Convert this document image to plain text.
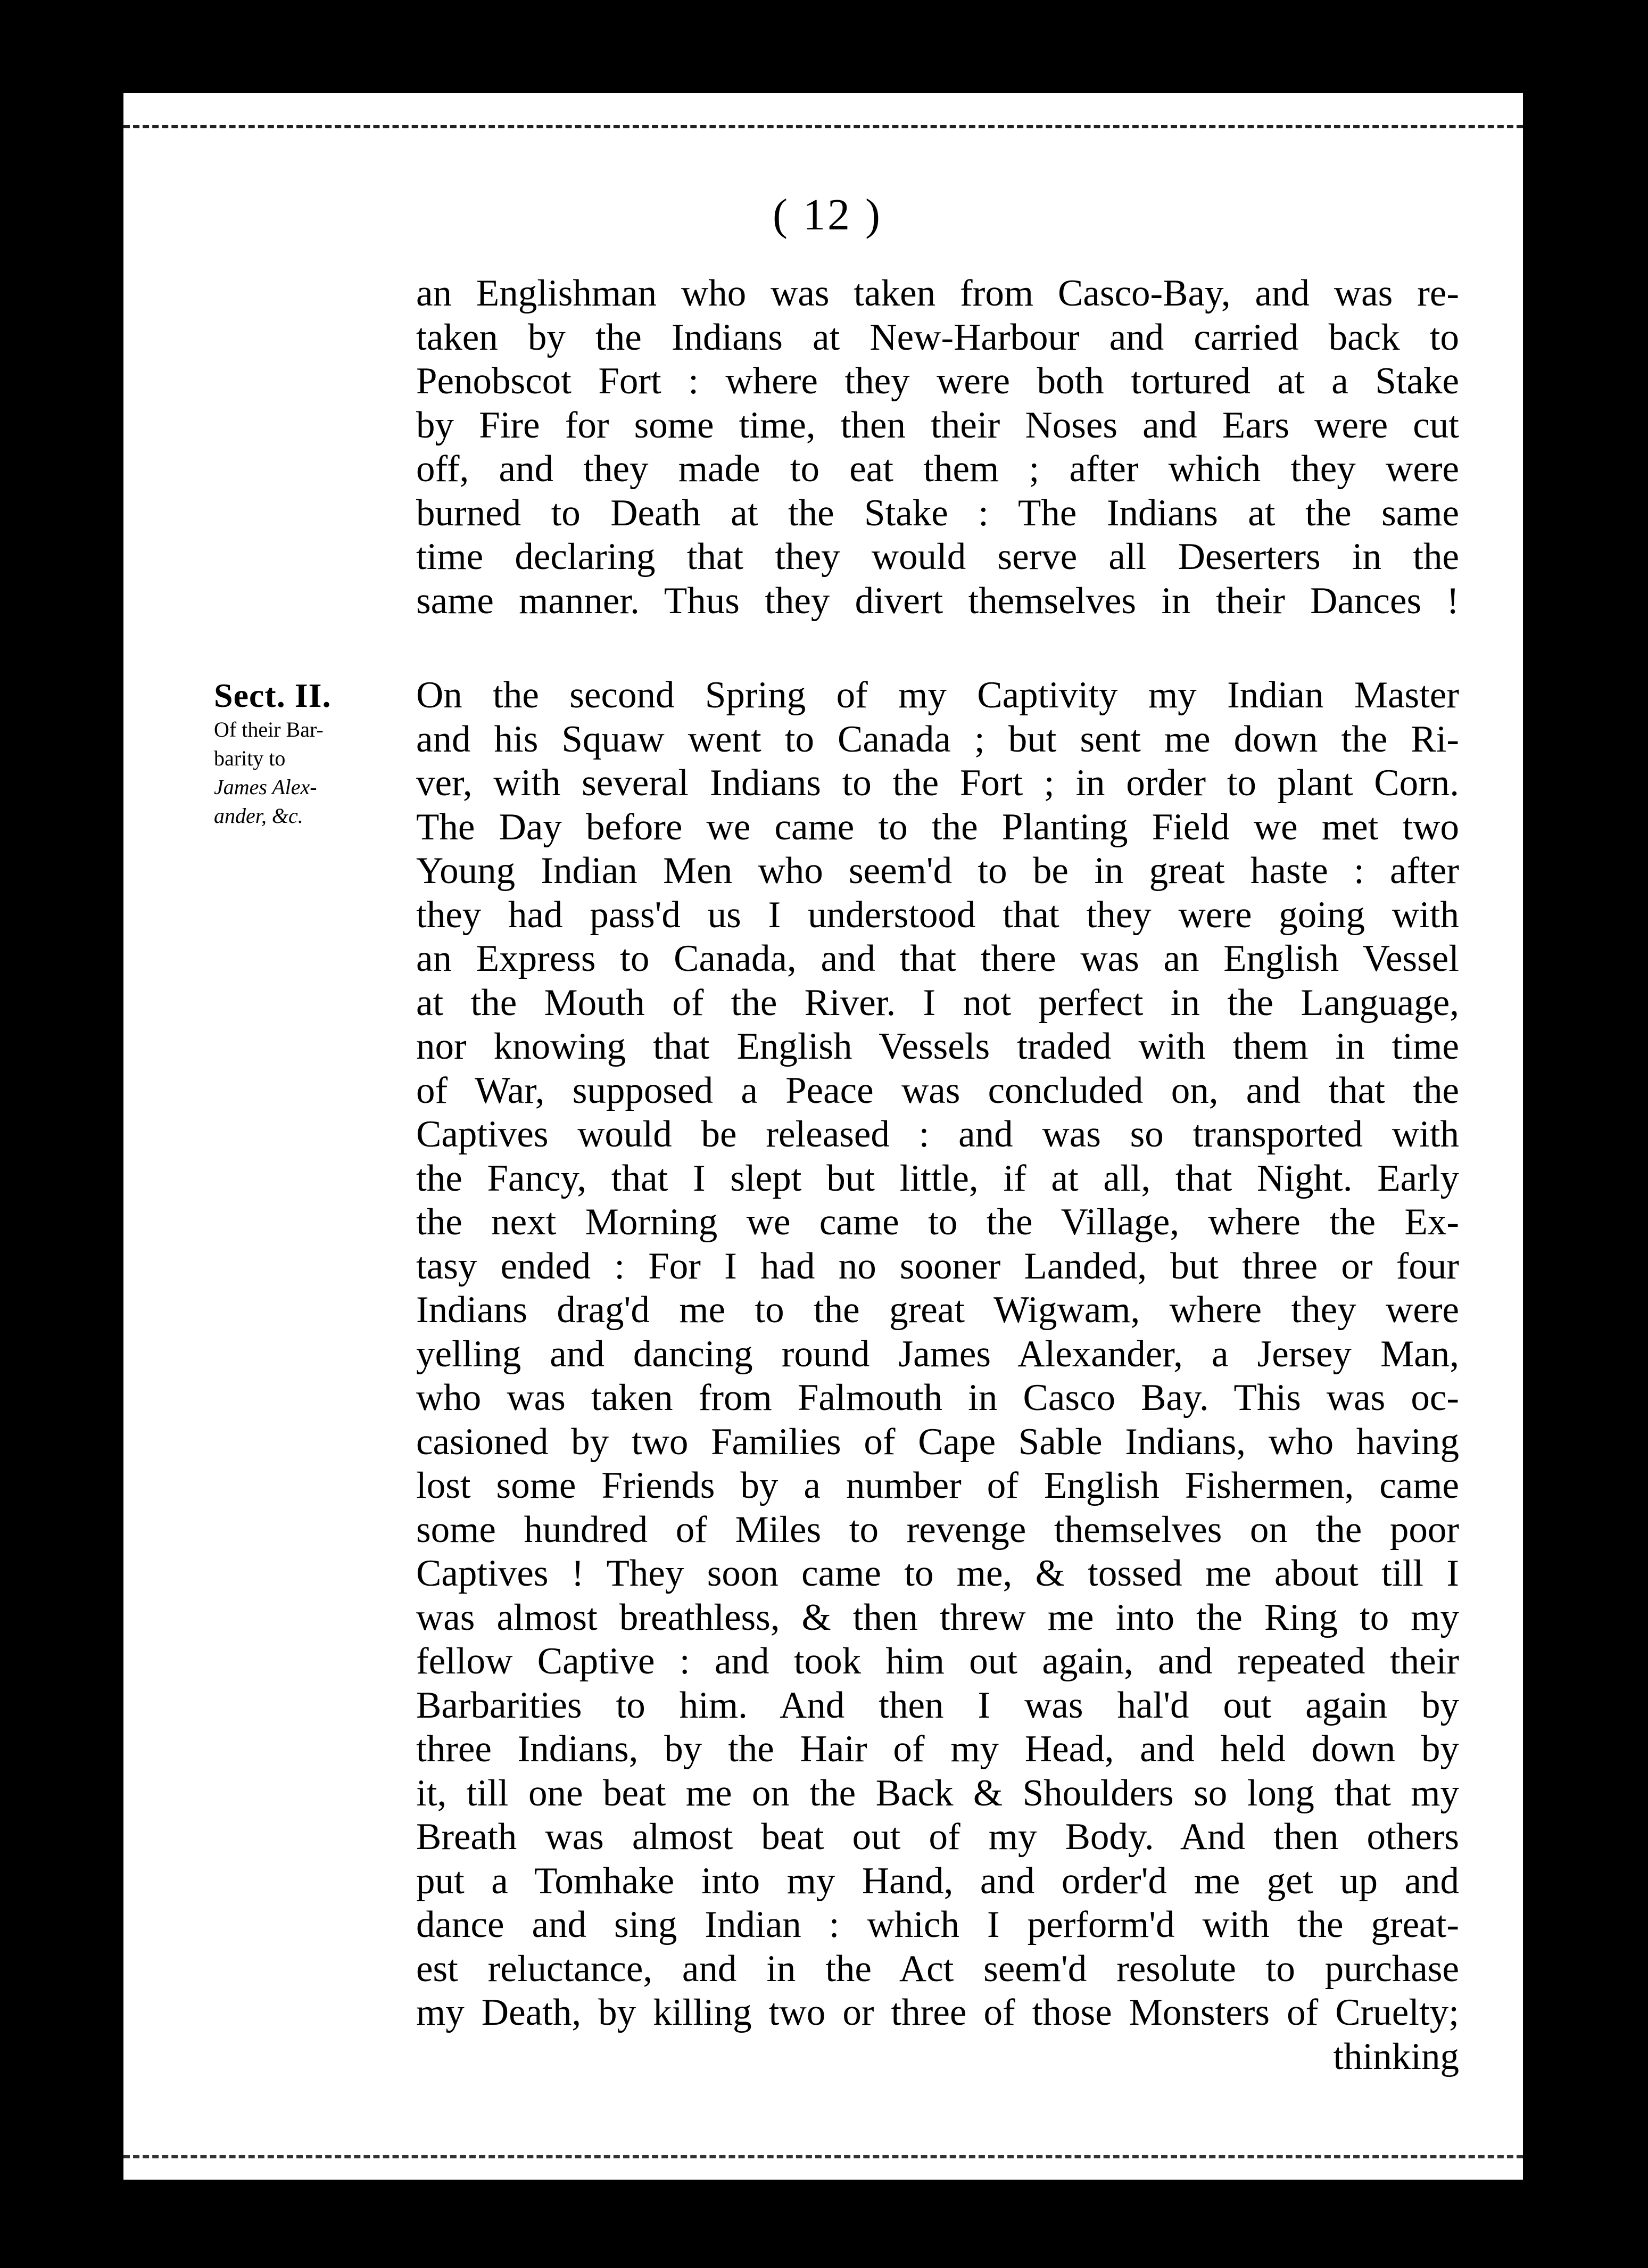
( 12 )
an Englishman who was taken from Casco-Bay, and was re-
taken by the Indians at New-Harbour and carried back to
Penobscot Fort : where they were both tortured at a Stake
by Fire for some time, then their Noses and Ears were cut
off, and they made to eat them ; after which they were
burned to Death at the Stake : The Indians at the same
time declaring that they would serve all Deserters in the
same manner. Thus they divert themselves in their Dances !
Sect. II.
Of their Bar-
barity to
James Alex-
ander, &c.
On the second Spring of my Captivity my Indian Master
and his Squaw went to Canada ; but sent me down the Ri-
ver, with several Indians to the Fort ; in order to plant Corn.
The Day before we came to the Planting Field we met two
Young Indian Men who seem'd to be in great haste : after
they had pass'd us I understood that they were going with
an Express to Canada, and that there was an English Vessel
at the Mouth of the River. I not perfect in the Language,
nor knowing that English Vessels traded with them in time
of War, supposed a Peace was concluded on, and that the
Captives would be released : and was so transported with
the Fancy, that I slept but little, if at all, that Night. Early
the next Morning we came to the Village, where the Ex-
tasy ended : For I had no sooner Landed, but three or four
Indians drag'd me to the great Wigwam, where they were
yelling and dancing round James Alexander, a Jersey Man,
who was taken from Falmouth in Casco Bay. This was oc-
casioned by two Families of Cape Sable Indians, who having
lost some Friends by a number of English Fishermen, came
some hundred of Miles to revenge themselves on the poor
Captives ! They soon came to me, & tossed me about till I
was almost breathless, & then threw me into the Ring to my
fellow Captive : and took him out again, and repeated their
Barbarities to him. And then I was hal'd out again by
three Indians, by the Hair of my Head, and held down by
it, till one beat me on the Back & Shoulders so long that my
Breath was almost beat out of my Body. And then others
put a Tomhake into my Hand, and order'd me get up and
dance and sing Indian : which I perform'd with the great-
est reluctance, and in the Act seem'd resolute to purchase
my Death, by killing two or three of those Monsters of Cruelty;
thinking
